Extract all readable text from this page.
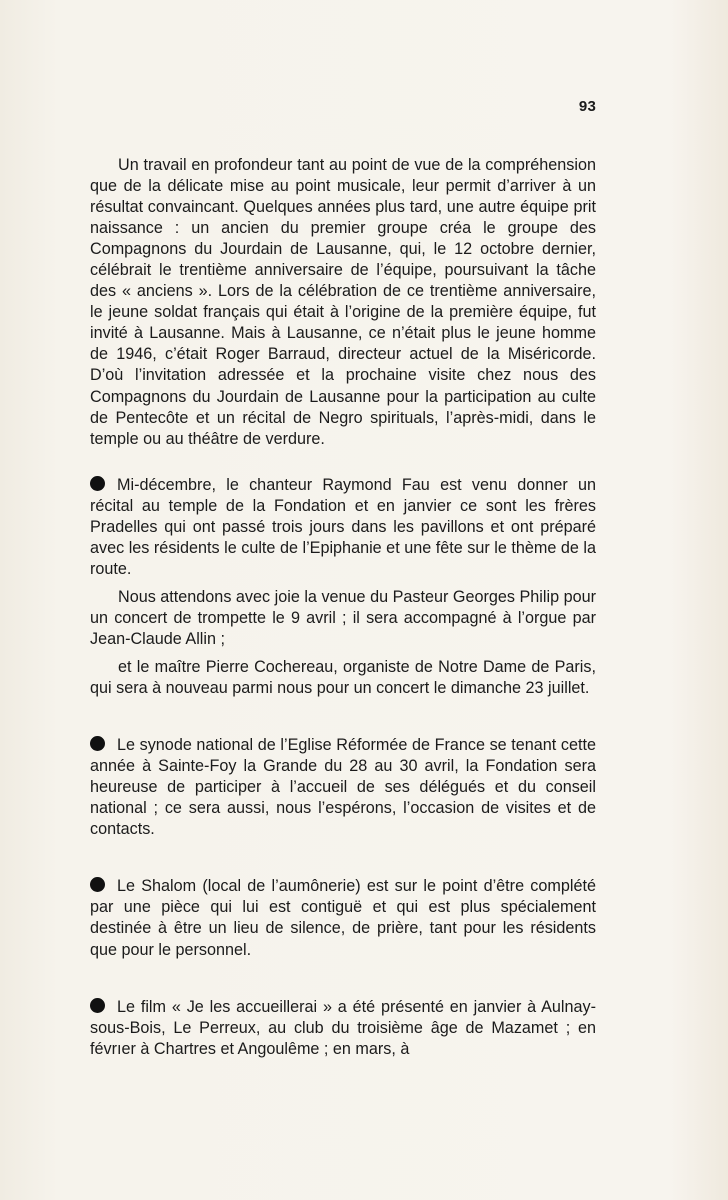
93

Un travail en profondeur tant au point de vue de la compréhension que de la délicate mise au point musicale, leur permit d’arriver à un résultat convaincant. Quelques années plus tard, une autre équipe prit naissance : un ancien du premier groupe créa le groupe des Compagnons du Jourdain de Lausanne, qui, le 12 octobre dernier, célébrait le trentième anniversaire de l’équipe, poursuivant la tâche des « anciens ». Lors de la célébration de ce trentième anniversaire, le jeune soldat français qui était à l’origine de la première équipe, fut invité à Lausanne. Mais à Lausanne, ce n’était plus le jeune homme de 1946, c’était Roger Barraud, directeur actuel de la Miséricorde. D’où l’invitation adressée et la prochaine visite chez nous des Compagnons du Jourdain de Lausanne pour la participation au culte de Pentecôte et un récital de Negro spirituals, l’après-midi, dans le temple ou au théâtre de verdure.

Mi-décembre, le chanteur Raymond Fau est venu donner un récital au temple de la Fondation et en janvier ce sont les frères Pradelles qui ont passé trois jours dans les pavillons et ont préparé avec les résidents le culte de l’Epiphanie et une fête sur le thème de la route.

Nous attendons avec joie la venue du Pasteur Georges Philip pour un concert de trompette le 9 avril ; il sera accompagné à l’orgue par Jean-Claude Allin ;

et le maître Pierre Cochereau, organiste de Notre Dame de Paris, qui sera à nouveau parmi nous pour un concert le dimanche 23 juillet.

Le synode national de l’Eglise Réformée de France se tenant cette année à Sainte-Foy la Grande du 28 au 30 avril, la Fondation sera heureuse de participer à l’accueil de ses délégués et du conseil national ; ce sera aussi, nous l’espérons, l’occasion de visites et de contacts.

Le Shalom (local de l’aumônerie) est sur le point d’être complété par une pièce qui lui est contiguë et qui est plus spécialement destinée à être un lieu de silence, de prière, tant pour les résidents que pour le personnel.

Le film « Je les accueillerai » a été présenté en janvier à Aulnay-sous-Bois, Le Perreux, au club du troisième âge de Mazamet ; en févrıer à Chartres et Angoulême ; en mars, à
